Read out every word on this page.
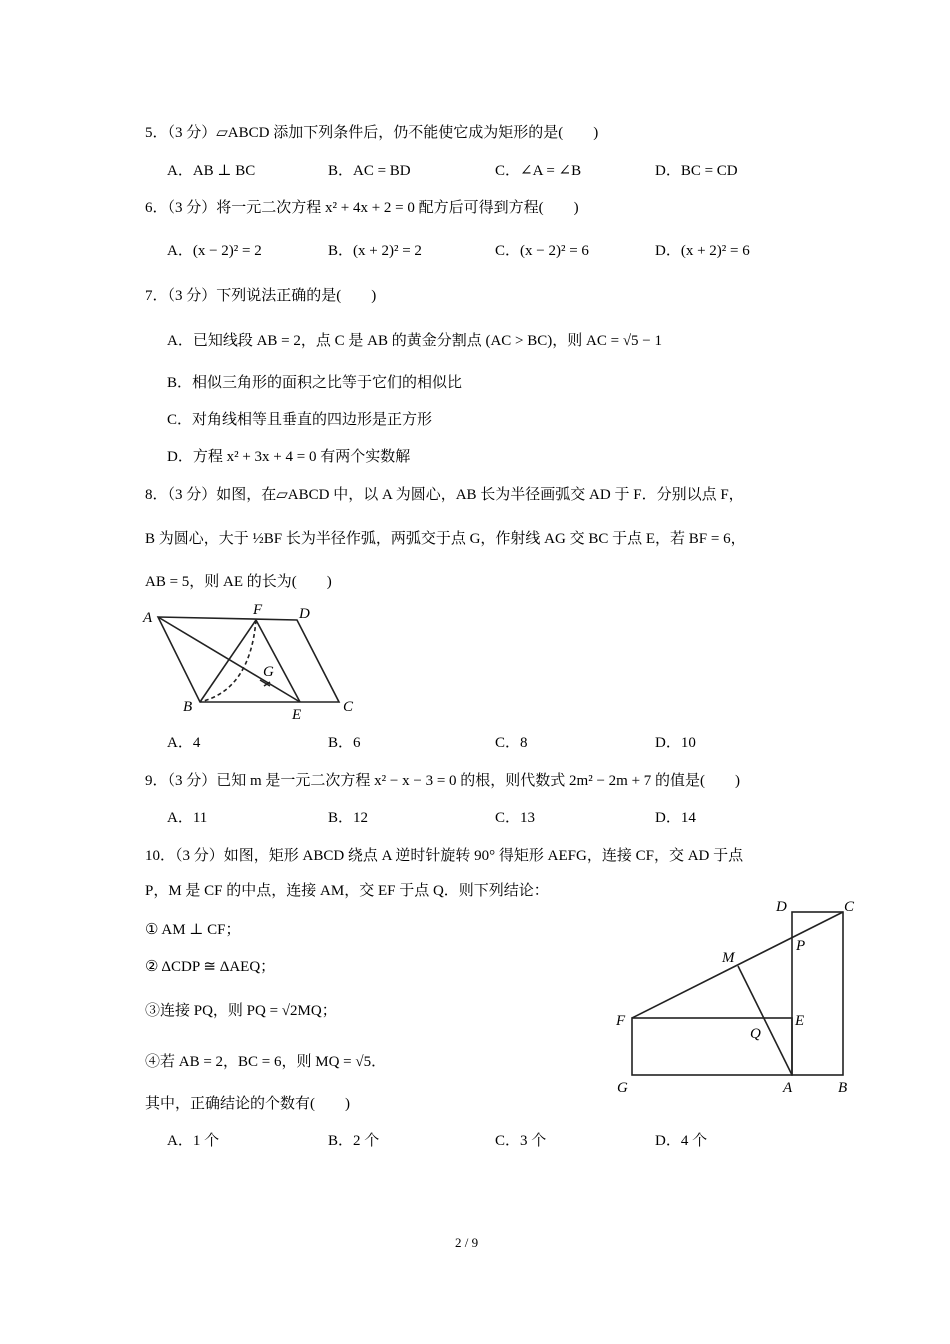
5．（3 分）▱ABCD 添加下列条件后，仍不能使它成为矩形的是(　　)
A．AB ⊥ BC	B．AC = BD	C．∠A = ∠B	D．BC = CD
6．（3 分）将一元二次方程 x² + 4x + 2 = 0 配方后可得到方程(　　)
A．(x − 2)² = 2	B．(x + 2)² = 2	C．(x − 2)² = 6	D．(x + 2)² = 6
7．（3 分）下列说法正确的是(　　)
A．已知线段 AB = 2，点 C 是 AB 的黄金分割点 (AC > BC)，则 AC = √5 − 1
B．相似三角形的面积之比等于它们的相似比
C．对角线相等且垂直的四边形是正方形
D．方程 x² + 3x + 4 = 0 有两个实数解
8．（3 分）如图，在▱ABCD 中，以 A 为圆心，AB 长为半径画弧交 AD 于 F．分别以点 F，
B 为圆心，大于 ½BF 长为半径作弧，两弧交于点 G，作射线 AG 交 BC 于点 E，若 BF = 6，
AB = 5，则 AE 的长为(　　)
A	F D
G
B	E	C
D	C
M
P
F	E
Q
G	A	B
A．4	B．6	C．8	D．10
9．（3 分）已知 m 是一元二次方程 x² − x − 3 = 0 的根，则代数式 2m² − 2m + 7 的值是(　　)
A．11	B．12	C．13	D．14
10．（3 分）如图，矩形 ABCD 绕点 A 逆时针旋转 90° 得矩形 AEFG，连接 CF，交 AD 于点
P，M 是 CF 的中点，连接 AM，交 EF 于点 Q．则下列结论：
① AM ⊥ CF；
② ΔCDP ≅ ΔAEQ；
③连接 PQ，则 PQ = √2MQ；
④若 AB = 2，BC = 6，则 MQ = √5．
其中，正确结论的个数有(　　)
A．1 个	B．2 个	C．3 个	D．4 个
2 / 9
